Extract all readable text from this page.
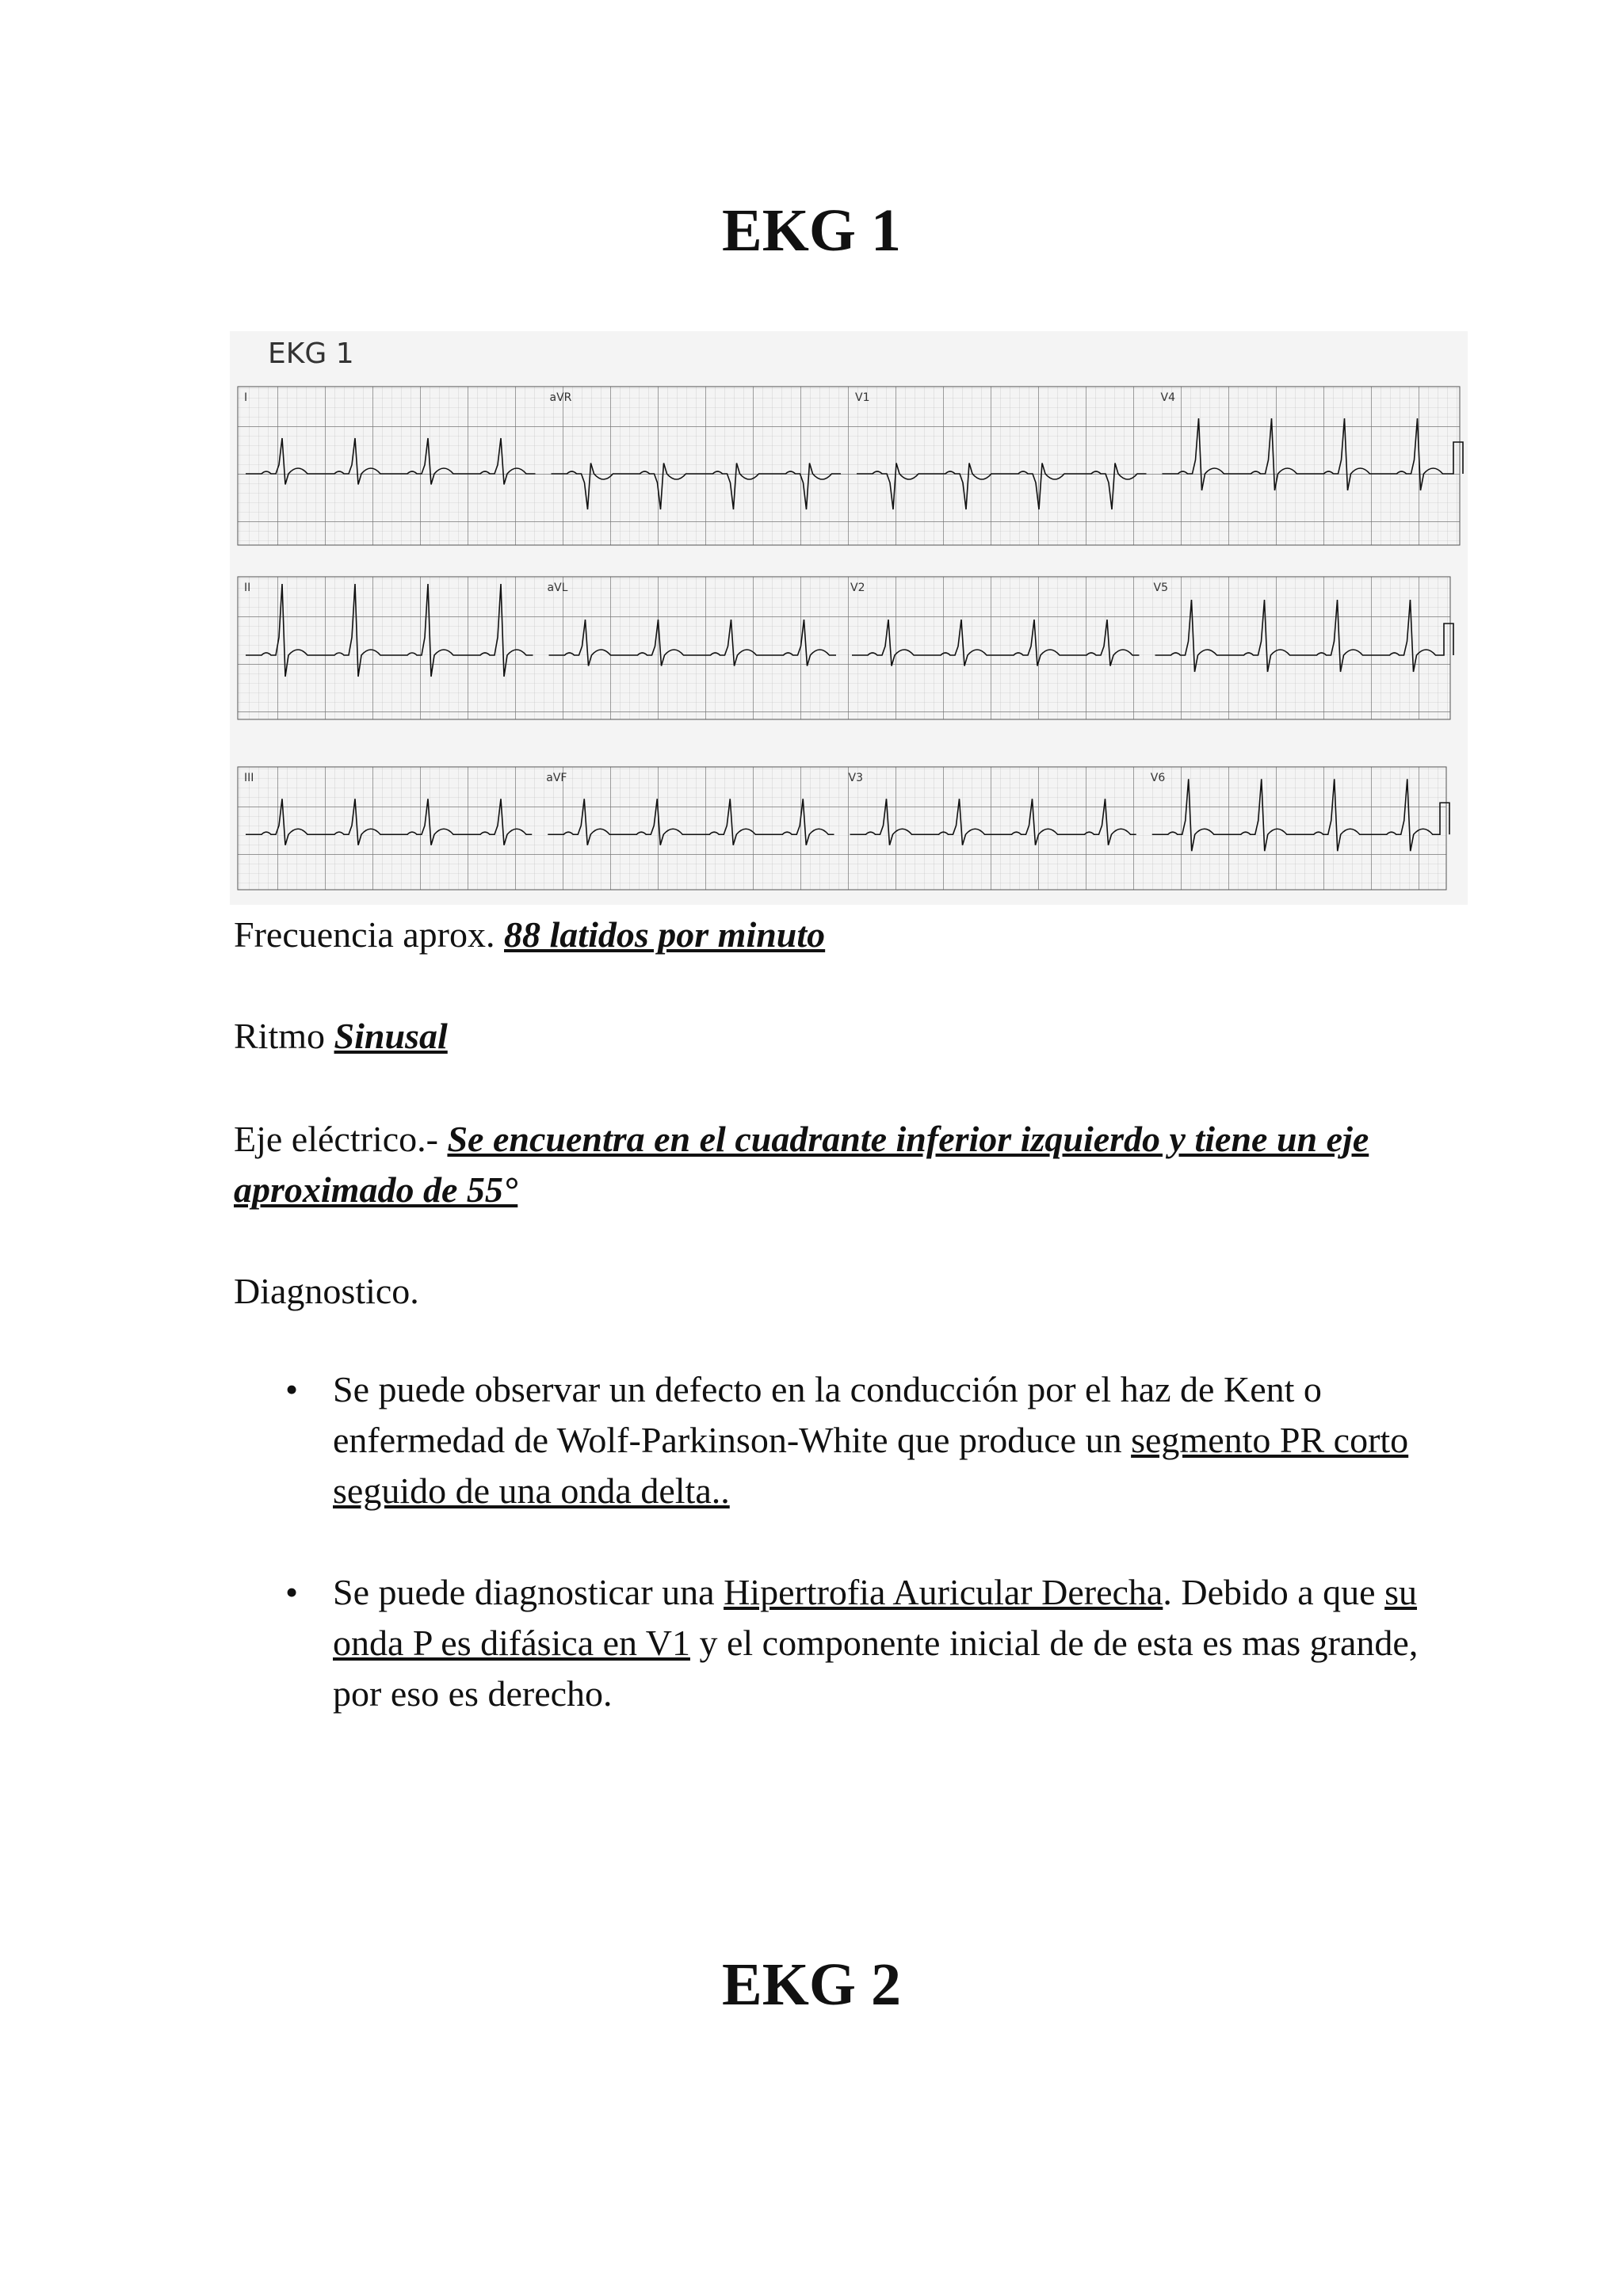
EKG 1
EKG 1
I	aVR	V1	V4
II	aVL	V2	V5
III	aVF	V3	V6
Frecuencia aprox. 88 latidos por minuto
Ritmo Sinusal
Eje eléctrico.- Se encuentra en el cuadrante inferior izquierdo y tiene un eje aproximado de 55°
Diagnostico.
• Se puede observar un defecto en la conducción por el haz de Kent o enfermedad de Wolf-Parkinson-White que produce un segmento PR corto seguido de una onda delta..
• Se puede diagnosticar una Hipertrofia Auricular Derecha. Debido a que su onda P es difásica en V1 y el componente inicial de de esta es mas grande, por eso es derecho.
EKG 2
